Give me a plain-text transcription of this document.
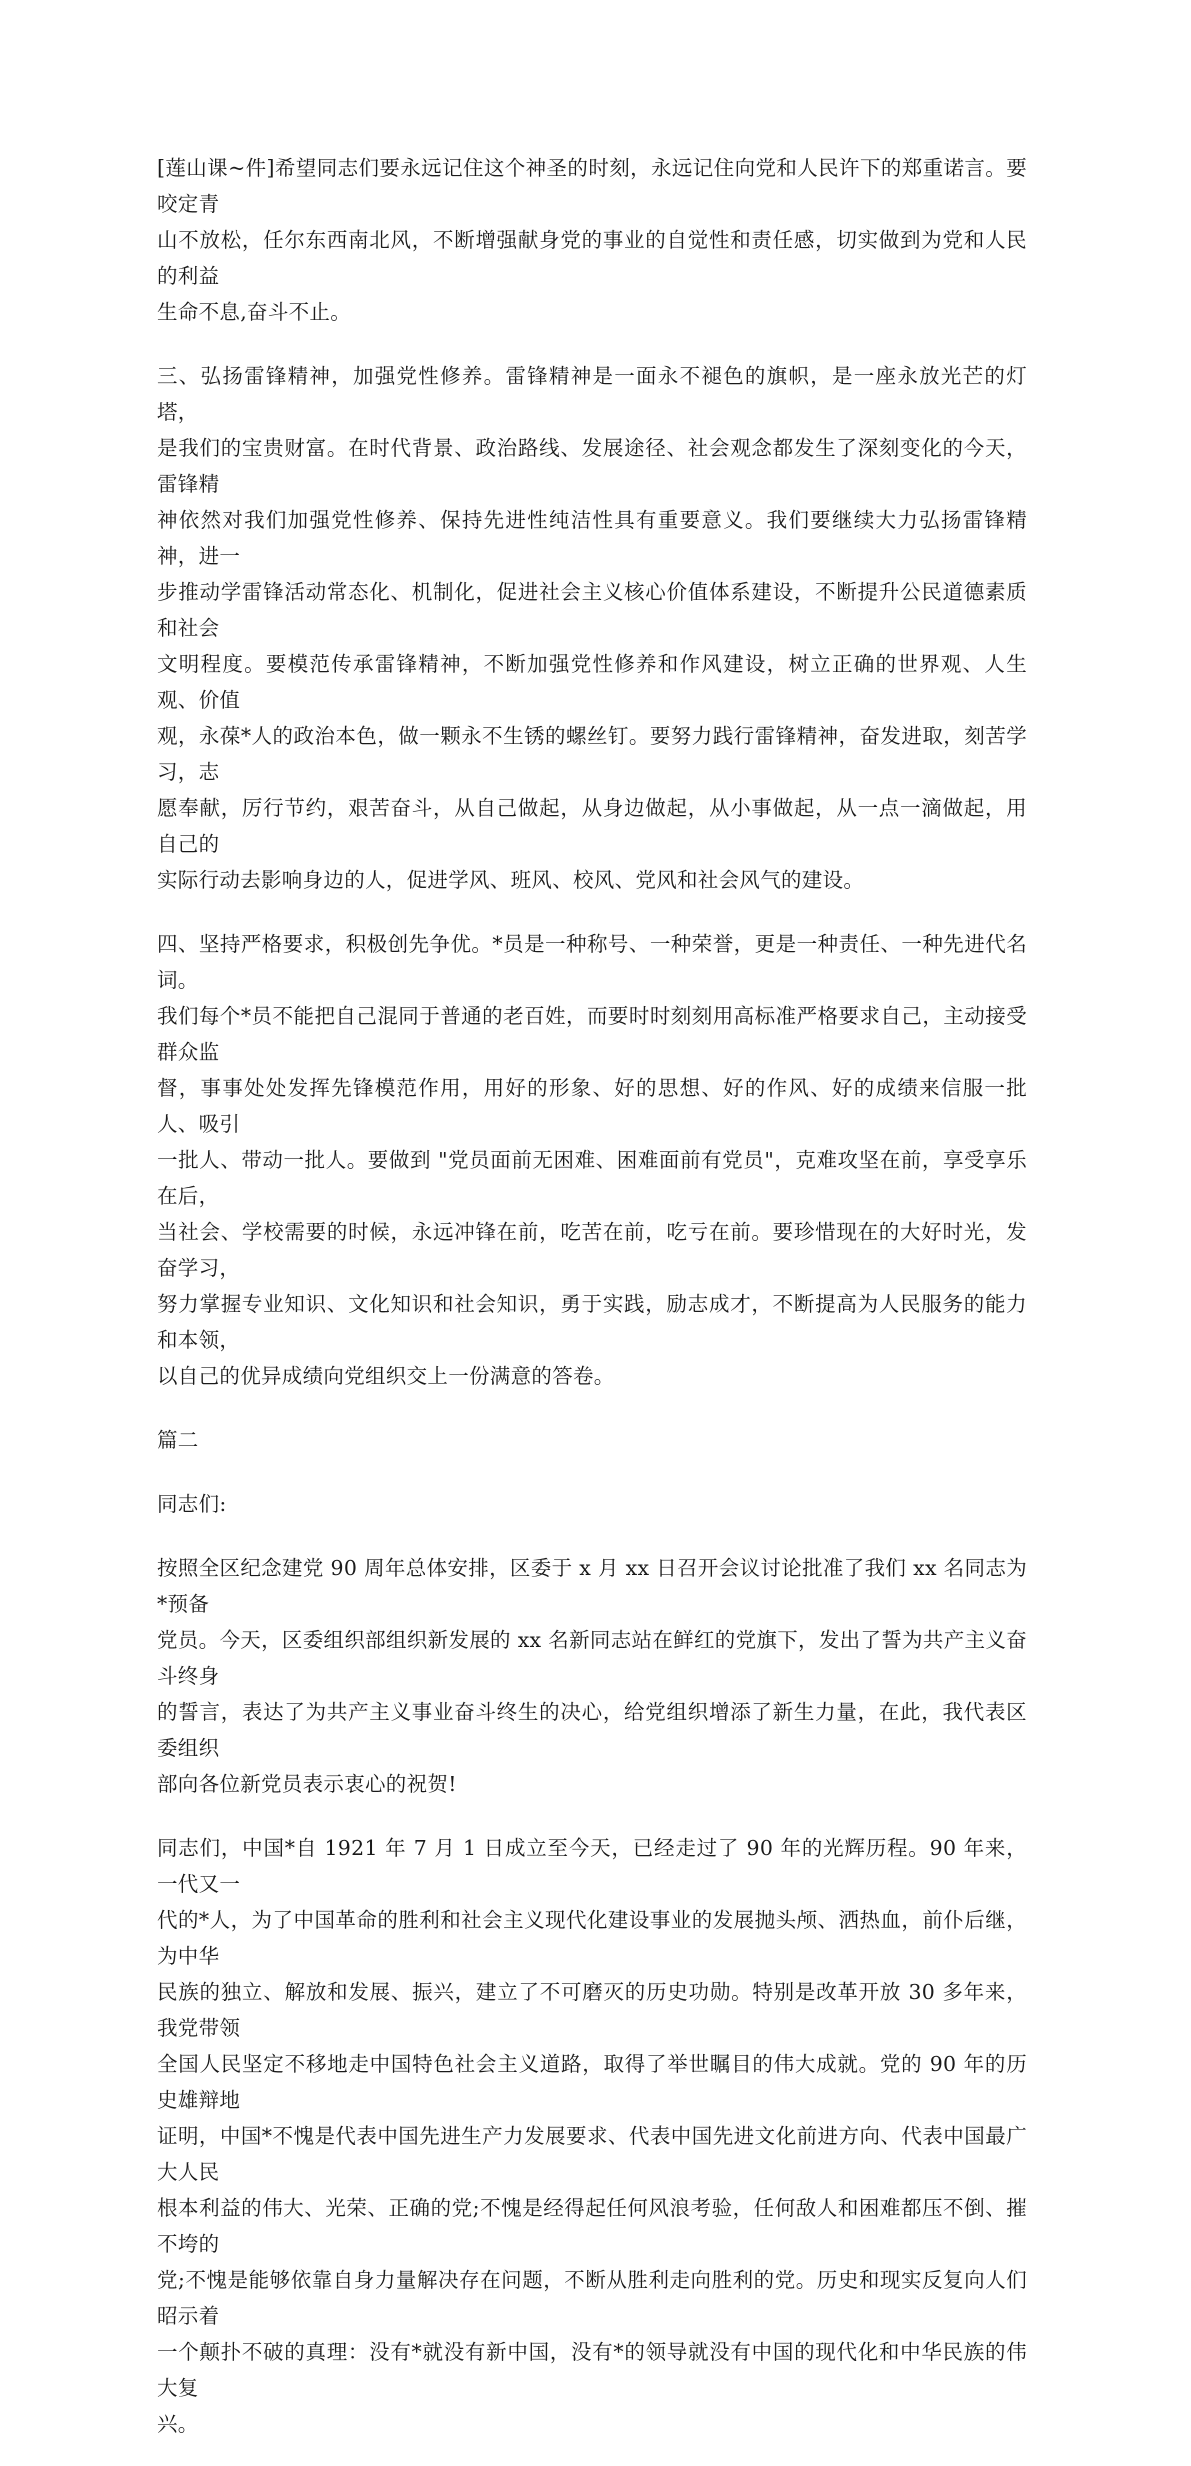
[莲山课~件]希望同志们要永远记住这个神圣的时刻，永远记住向党和人民许下的郑重诺言。要咬定青
山不放松，任尔东西南北风，不断增强献身党的事业的自觉性和责任感，切实做到为党和人民的利益
生命不息,奋斗不止。

三、弘扬雷锋精神，加强党性修养。雷锋精神是一面永不褪色的旗帜，是一座永放光芒的灯塔，
是我们的宝贵财富。在时代背景、政治路线、发展途径、社会观念都发生了深刻变化的今天，雷锋精
神依然对我们加强党性修养、保持先进性纯洁性具有重要意义。我们要继续大力弘扬雷锋精神，进一
步推动学雷锋活动常态化、机制化，促进社会主义核心价值体系建设，不断提升公民道德素质和社会
文明程度。要模范传承雷锋精神，不断加强党性修养和作风建设，树立正确的世界观、人生观、价值
观，永葆*人的政治本色，做一颗永不生锈的螺丝钉。要努力践行雷锋精神，奋发进取，刻苦学习，志
愿奉献，厉行节约，艰苦奋斗，从自己做起，从身边做起，从小事做起，从一点一滴做起，用自己的
实际行动去影响身边的人，促进学风、班风、校风、党风和社会风气的建设。

四、坚持严格要求，积极创先争优。*员是一种称号、一种荣誉，更是一种责任、一种先进代名词。
我们每个*员不能把自己混同于普通的老百姓，而要时时刻刻用高标准严格要求自己，主动接受群众监
督，事事处处发挥先锋模范作用，用好的形象、好的思想、好的作风、好的成绩来信服一批人、吸引
一批人、带动一批人。要做到 "党员面前无困难、困难面前有党员"，克难攻坚在前，享受享乐在后，
当社会、学校需要的时候，永远冲锋在前，吃苦在前，吃亏在前。要珍惜现在的大好时光，发奋学习，
努力掌握专业知识、文化知识和社会知识，勇于实践，励志成才，不断提高为人民服务的能力和本领，
以自己的优异成绩向党组织交上一份满意的答卷。

篇二

同志们:

按照全区纪念建党 90 周年总体安排，区委于 x 月 xx 日召开会议讨论批准了我们 xx 名同志为*预备
党员。今天，区委组织部组织新发展的 xx 名新同志站在鲜红的党旗下，发出了誓为共产主义奋斗终身
的誓言，表达了为共产主义事业奋斗终生的决心，给党组织增添了新生力量，在此，我代表区委组织
部向各位新党员表示衷心的祝贺!

同志们，中国*自 1921 年 7 月 1 日成立至今天，已经走过了 90 年的光辉历程。90 年来，一代又一
代的*人，为了中国革命的胜利和社会主义现代化建设事业的发展抛头颅、洒热血，前仆后继，为中华
民族的独立、解放和发展、振兴，建立了不可磨灭的历史功勋。特别是改革开放 30 多年来，我党带领
全国人民坚定不移地走中国特色社会主义道路，取得了举世瞩目的伟大成就。党的 90 年的历史雄辩地
证明，中国*不愧是代表中国先进生产力发展要求、代表中国先进文化前进方向、代表中国最广大人民
根本利益的伟大、光荣、正确的党;不愧是经得起任何风浪考验，任何敌人和困难都压不倒、摧不垮的
党;不愧是能够依靠自身力量解决存在问题，不断从胜利走向胜利的党。历史和现实反复向人们昭示着
一个颠扑不破的真理：没有*就没有新中国，没有*的领导就没有中国的现代化和中华民族的伟大复
兴。
